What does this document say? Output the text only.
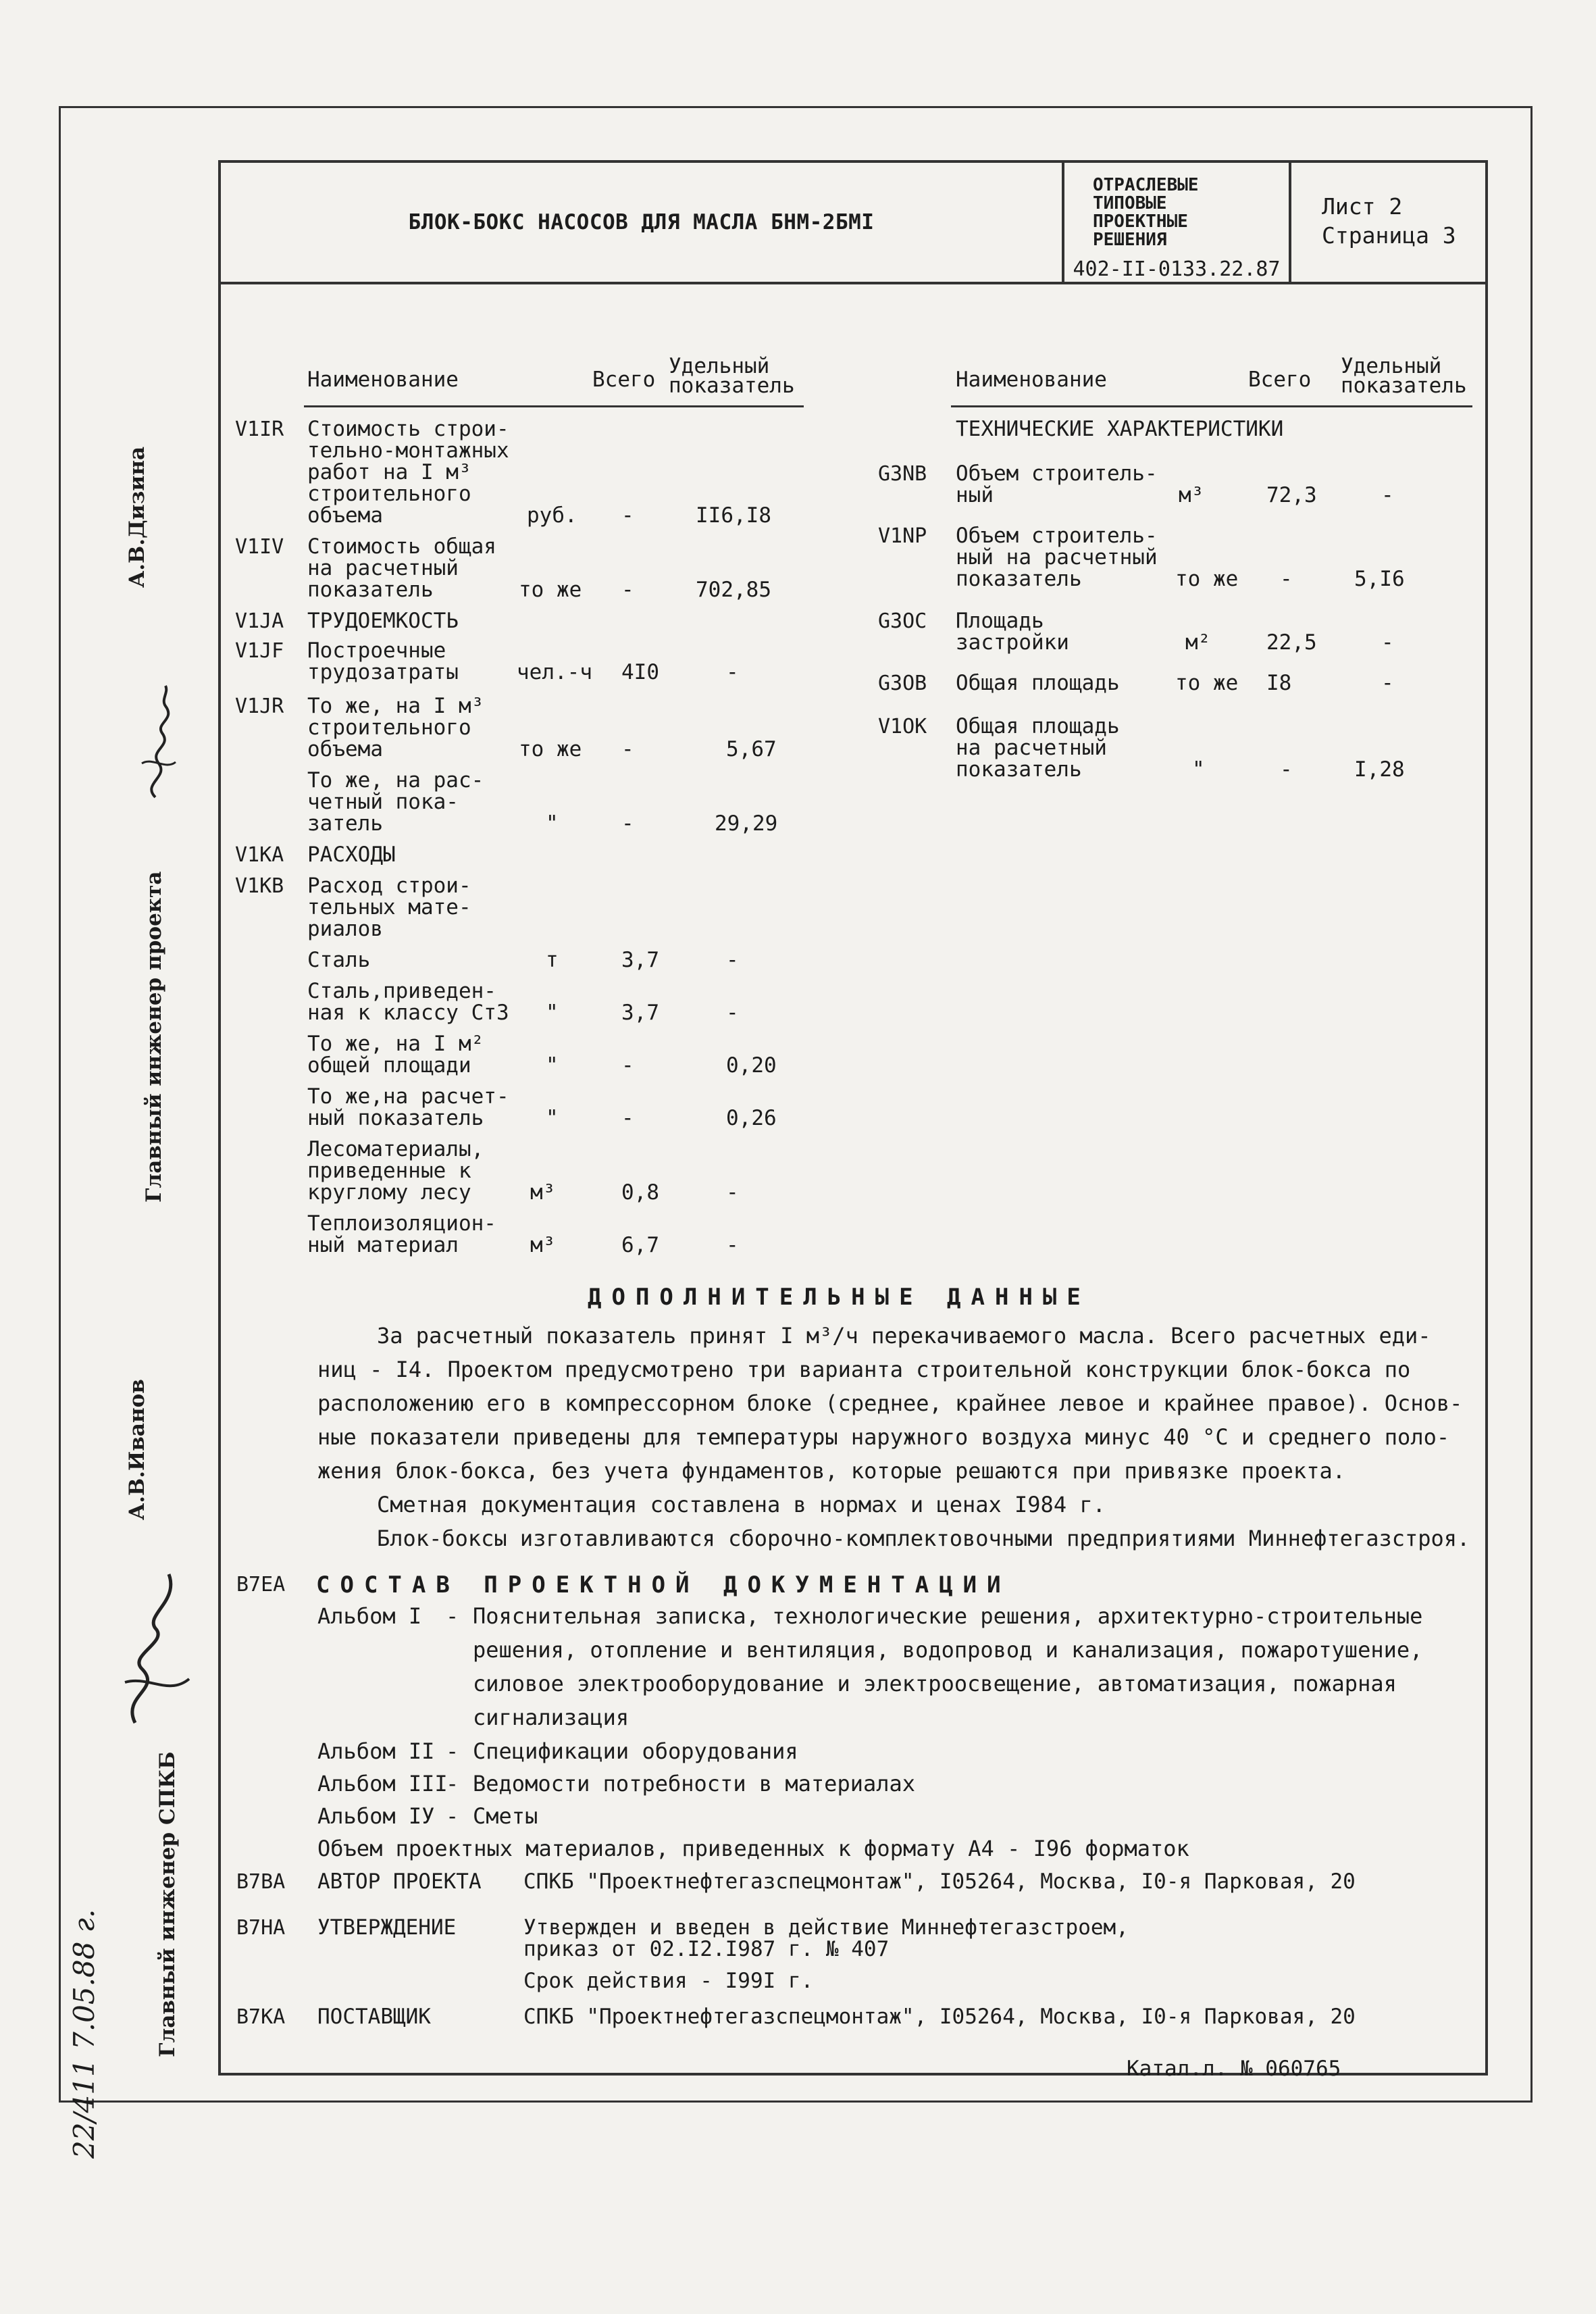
Главный инженер проекта
А.В.Дизина
А.В.Иванов
Главный инженер СПКБ
22/411 7.05.88 г.
БЛОК-БОКС НАСОСОВ ДЛЯ МАСЛА БНМ-2БМI
ОТРАСЛЕВЫЕ
ТИПОВЫЕ
ПРОЕКТНЫЕ
РЕШЕНИЯ
402-II-0133.22.87
Лист 2
Страница 3
Наименование	Всего
Удельный
показатель
V1IR Стоимость строи-
тельно-монтажных
работ на I м³
строительного
объема	руб. -	II6,I8
V1IV Стоимость общая
на расчетный
показатель	то же -	702,85
V1JA ТРУДОЕМКОСТЬ
V1JF Построечные
трудозатраты	чел.-ч 4I0	-
V1JR То же, на I м³
строительного
объема	то же -	5,67
То же, на рас-
четный пока-
затель	"	-	29,29
V1KA РАСХОДЫ
V1KB Расход строи-
тельных мате-
риалов
Сталь	т	3,7	-
Сталь,приведен-
ная к классу Ст3 "	3,7	-
То же, на I м²
общей площади	"	-	0,20
То же,на расчет-
ный показатель	"	-	0,26
Лесоматериалы,
приведенные к
круглому лесу	м³	0,8	-
Теплоизоляцион-
ный материал	м³	6,7	-
Наименование	Всего
Удельный
показатель
ТЕХНИЧЕСКИЕ ХАРАКТЕРИСТИКИ
G3NB Объем строитель-
ный	м³	72,3	-
V1NP Объем строитель-
ный на расчетный
показатель	то же -	5,I6
G3OC Площадь
застройки	м²	22,5	-
G3OB Общая площадь	то же I8	-
V1OK Общая площадь
на расчетный
показатель	"	-	I,28
ДОПОЛНИТЕЛЬНЫЕ ДАННЫЕ
За расчетный показатель принят I м³/ч перекачиваемого масла. Всего расчетных еди-
ниц - I4. Проектом предусмотрено три варианта строительной конструкции блок-бокса по
расположению его в компрессорном блоке (среднее, крайнее левое и крайнее правое). Основ-
ные показатели приведены для температуры наружного воздуха минус 40 °С и среднего поло-
жения блок-бокса, без учета фундаментов, которые решаются при привязке проекта.
Сметная документация составлена в нормах и ценах I984 г.
Блок-боксы изготавливаются сборочно-комплектовочными предприятиями Миннефтегазстроя.
B7EA СОСТАВ ПРОЕКТНОЙ ДОКУМЕНТАЦИИ
Альбом I - Пояснительная записка, технологические решения, архитектурно-строительные
решения, отопление и вентиляция, водопровод и канализация, пожаротушение,
силовое электрооборудование и электроосвещение, автоматизация, пожарная
сигнализация
Альбом II - Спецификации оборудования
Альбом III
- Ведомости потребности в материалах
Альбом IУ - Сметы
Объем проектных материалов, приведенных к формату А4 - I96 форматок
B7BA АВТОР ПРОЕКТА СПКБ "Проектнефтегазспецмонтаж", I05264, Москва, I0-я Парковая, 20
B7HA УТВЕРЖДЕНИЕ	Утвержден и введен в действие Миннефтегазстроем,
приказ от 02.I2.I987 г. № 407
Срок действия - I99I г.
B7KA ПОСТАВЩИК	СПКБ "Проектнефтегазспецмонтаж", I05264, Москва, I0-я Парковая, 20
Катал.л. № 060765
